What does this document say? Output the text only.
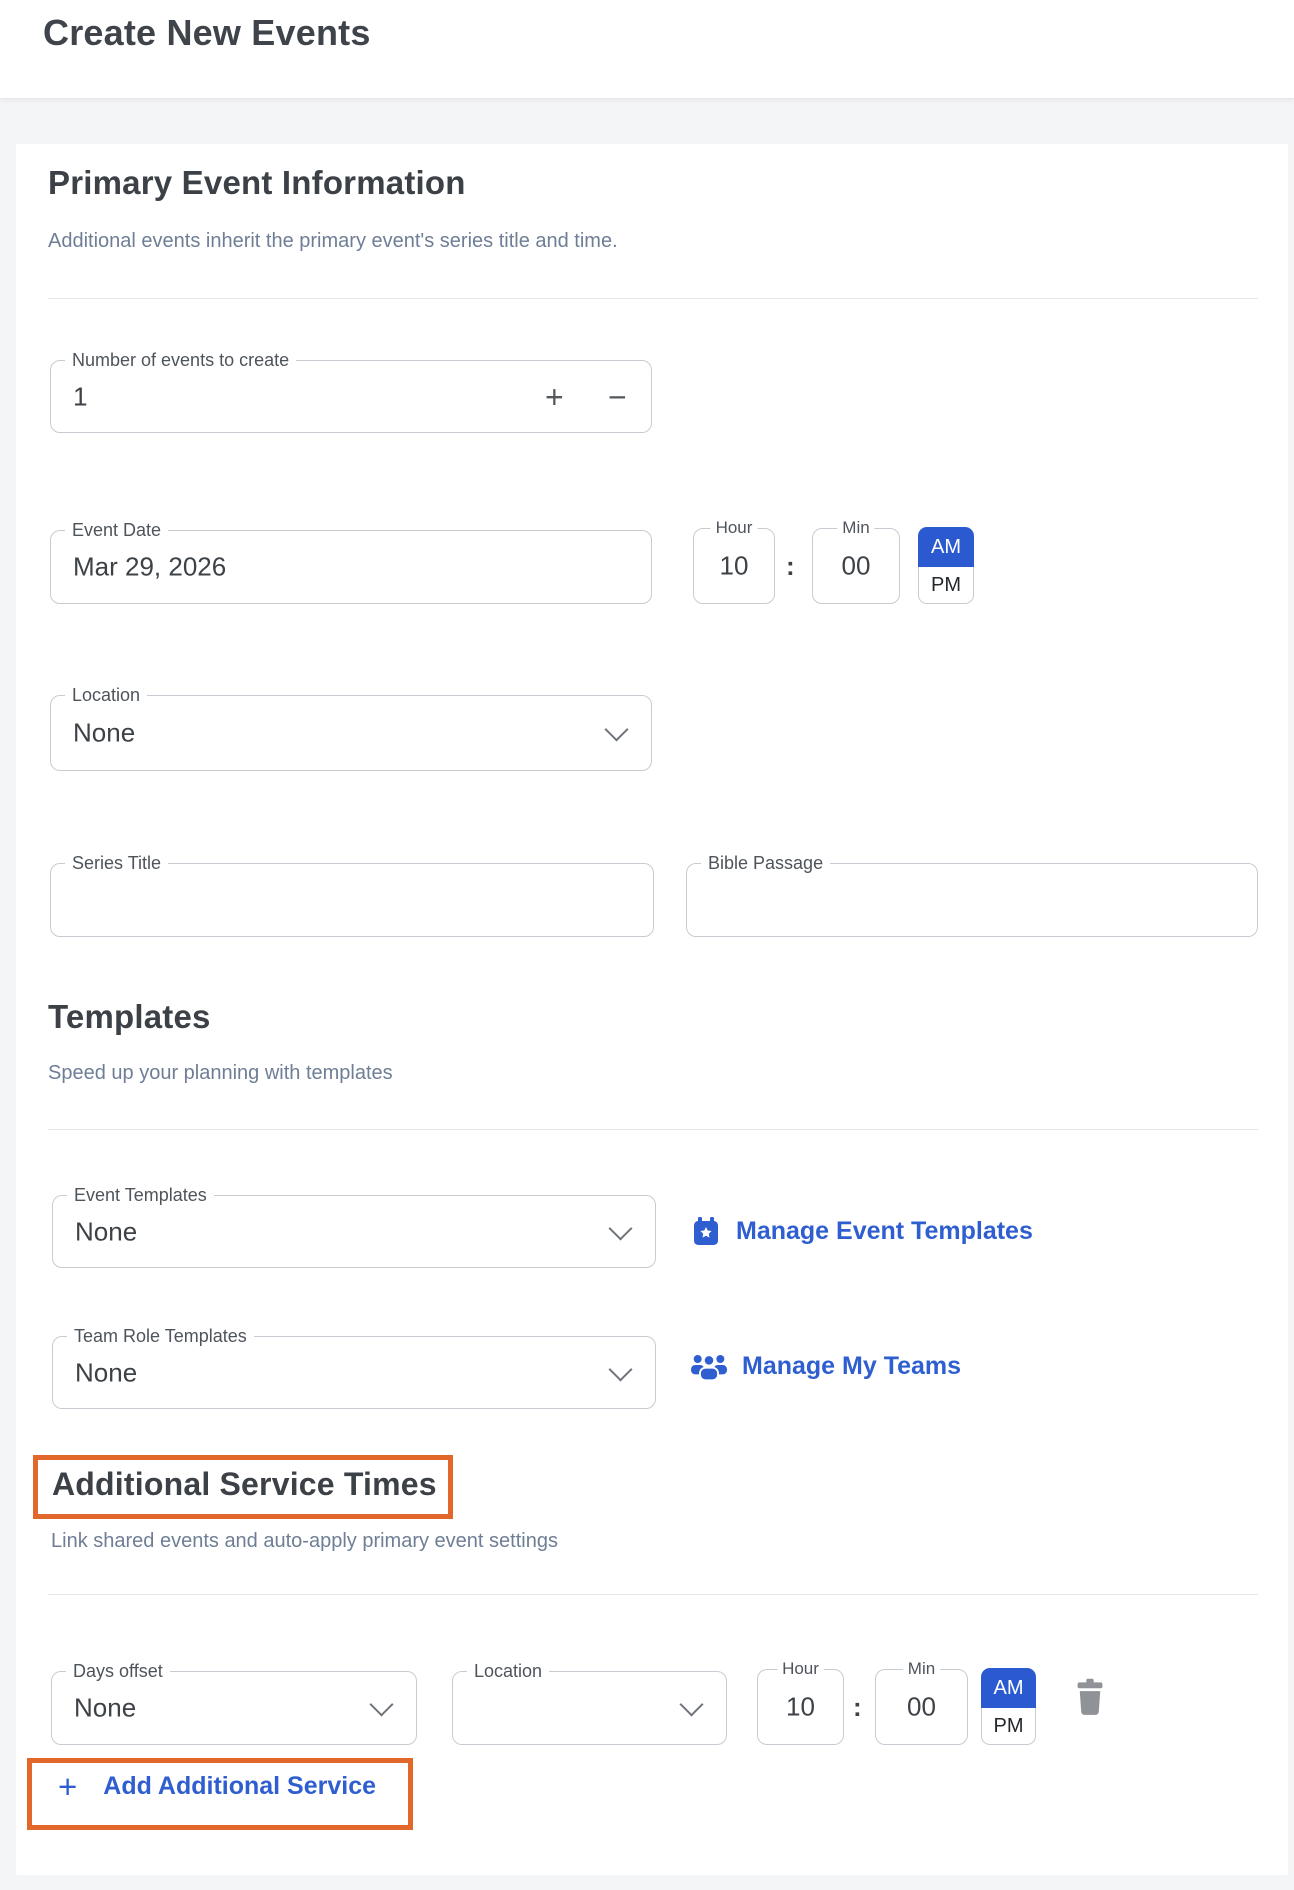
Create New Events
Primary Event Information
Additional events inherit the primary event's series title and time.
Number of events to create
1	+ −
Event Date
Mar 29, 2026
Hour
10	:
Min
00
AM
PM
Location
None
Series Title	Bible Passage
Templates
Speed up your planning with templates
Event Templates
None	Manage Event Templates
Team Role Templates
None	Manage My Teams
Additional Service Times
Link shared events and auto-apply primary event settings
Days offset
None
Location	Hour
10	:
Min
00
AM
PM
+ Add Additional Service
